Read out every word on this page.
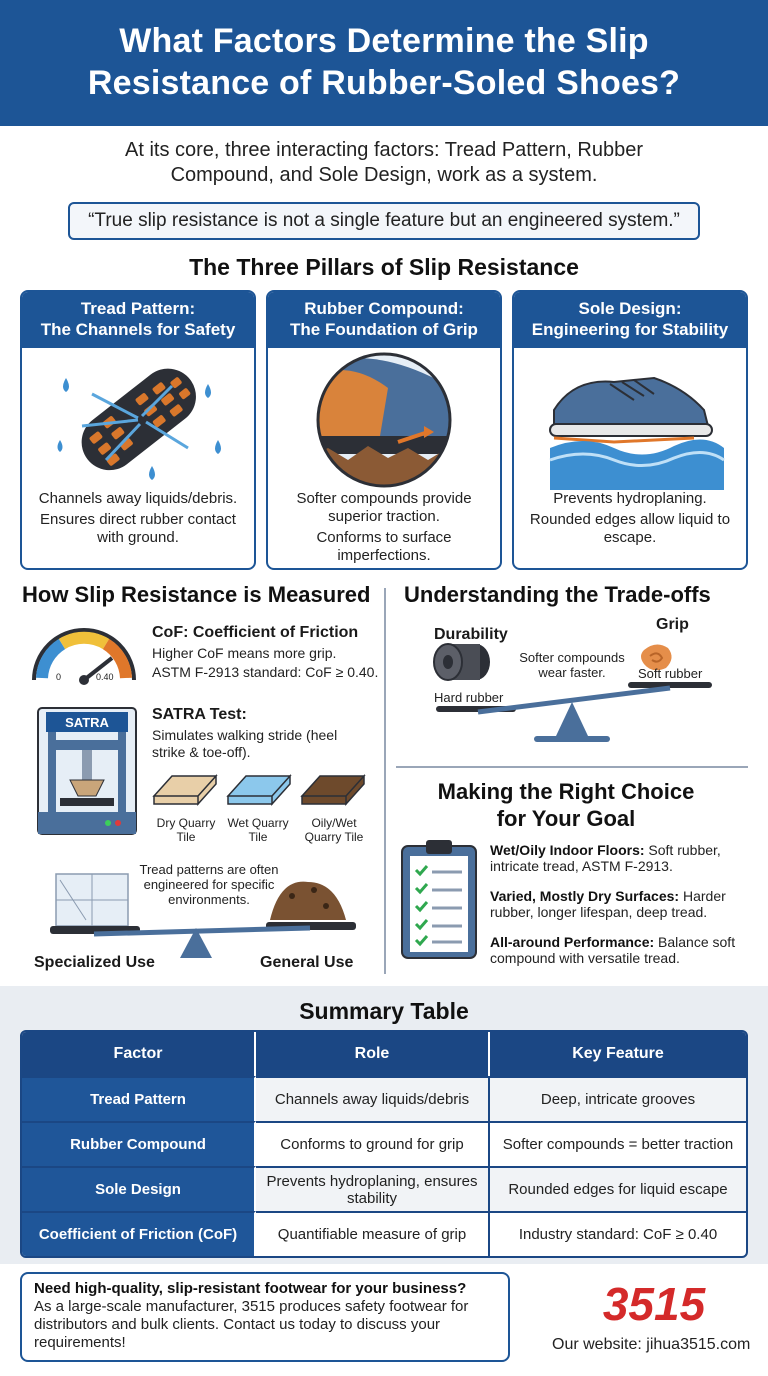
What Factors Determine the Slip
Resistance of Rubber-Soled Shoes?
At its core, three interacting factors: Tread Pattern, Rubber
Compound, and Sole Design, work as a system.
“True slip resistance is not a single feature but an engineered system.”
The Three Pillars of Slip Resistance
Tread Pattern:
The Channels for Safety

Channels away liquids/debris.

Ensures direct rubber contact with ground.

Rubber Compound:
The Foundation of Grip

Softer compounds provide superior traction.

Conforms to surface imperfections.

Sole Design:
Engineering for Stability

Prevents hydroplaning.

Rounded edges allow liquid to escape.

How Slip Resistance is Measured
0	0.40
CoF: Coefficient of Friction
Higher CoF means more grip.
ASTM F-2913 standard: CoF ≥ 0.40.
SATRA	SATRA Test:
Simulates walking stride (heel strike & toe-off).
Dry Quarry Tile
Wet Quarry Tile
Oily/Wet Quarry Tile
Tread patterns are often engineered for specific environments.
Specialized Use	General Use
Understanding the Trade-offs
Durability
Grip
Softer compounds wear faster.
Hard rubber
Soft rubber
Making the Right Choice
for Your Goal
Wet/Oily Indoor Floors: Soft rubber, intricate tread, ASTM F-2913.
Varied, Mostly Dry Surfaces: Harder rubber, longer lifespan, deep tread.
All-around Performance: Balance soft compound with versatile tread.
Summary Table
Factor	Role	Key Feature
Tread Pattern	Channels away liquids/debris	Deep, intricate grooves
Rubber Compound	Conforms to ground for grip	Softer compounds = better traction
Sole Design	Prevents hydroplaning, ensures stability	Rounded edges for liquid escape
Coefficient of Friction (CoF)	Quantifiable measure of grip	Industry standard: CoF ≥ 0.40
Need high-quality, slip-resistant footwear for your business?
As a large-scale manufacturer, 3515 produces safety footwear for distributors and bulk clients. Contact us today to discuss your requirements!
3515
Our website: jihua3515.com
